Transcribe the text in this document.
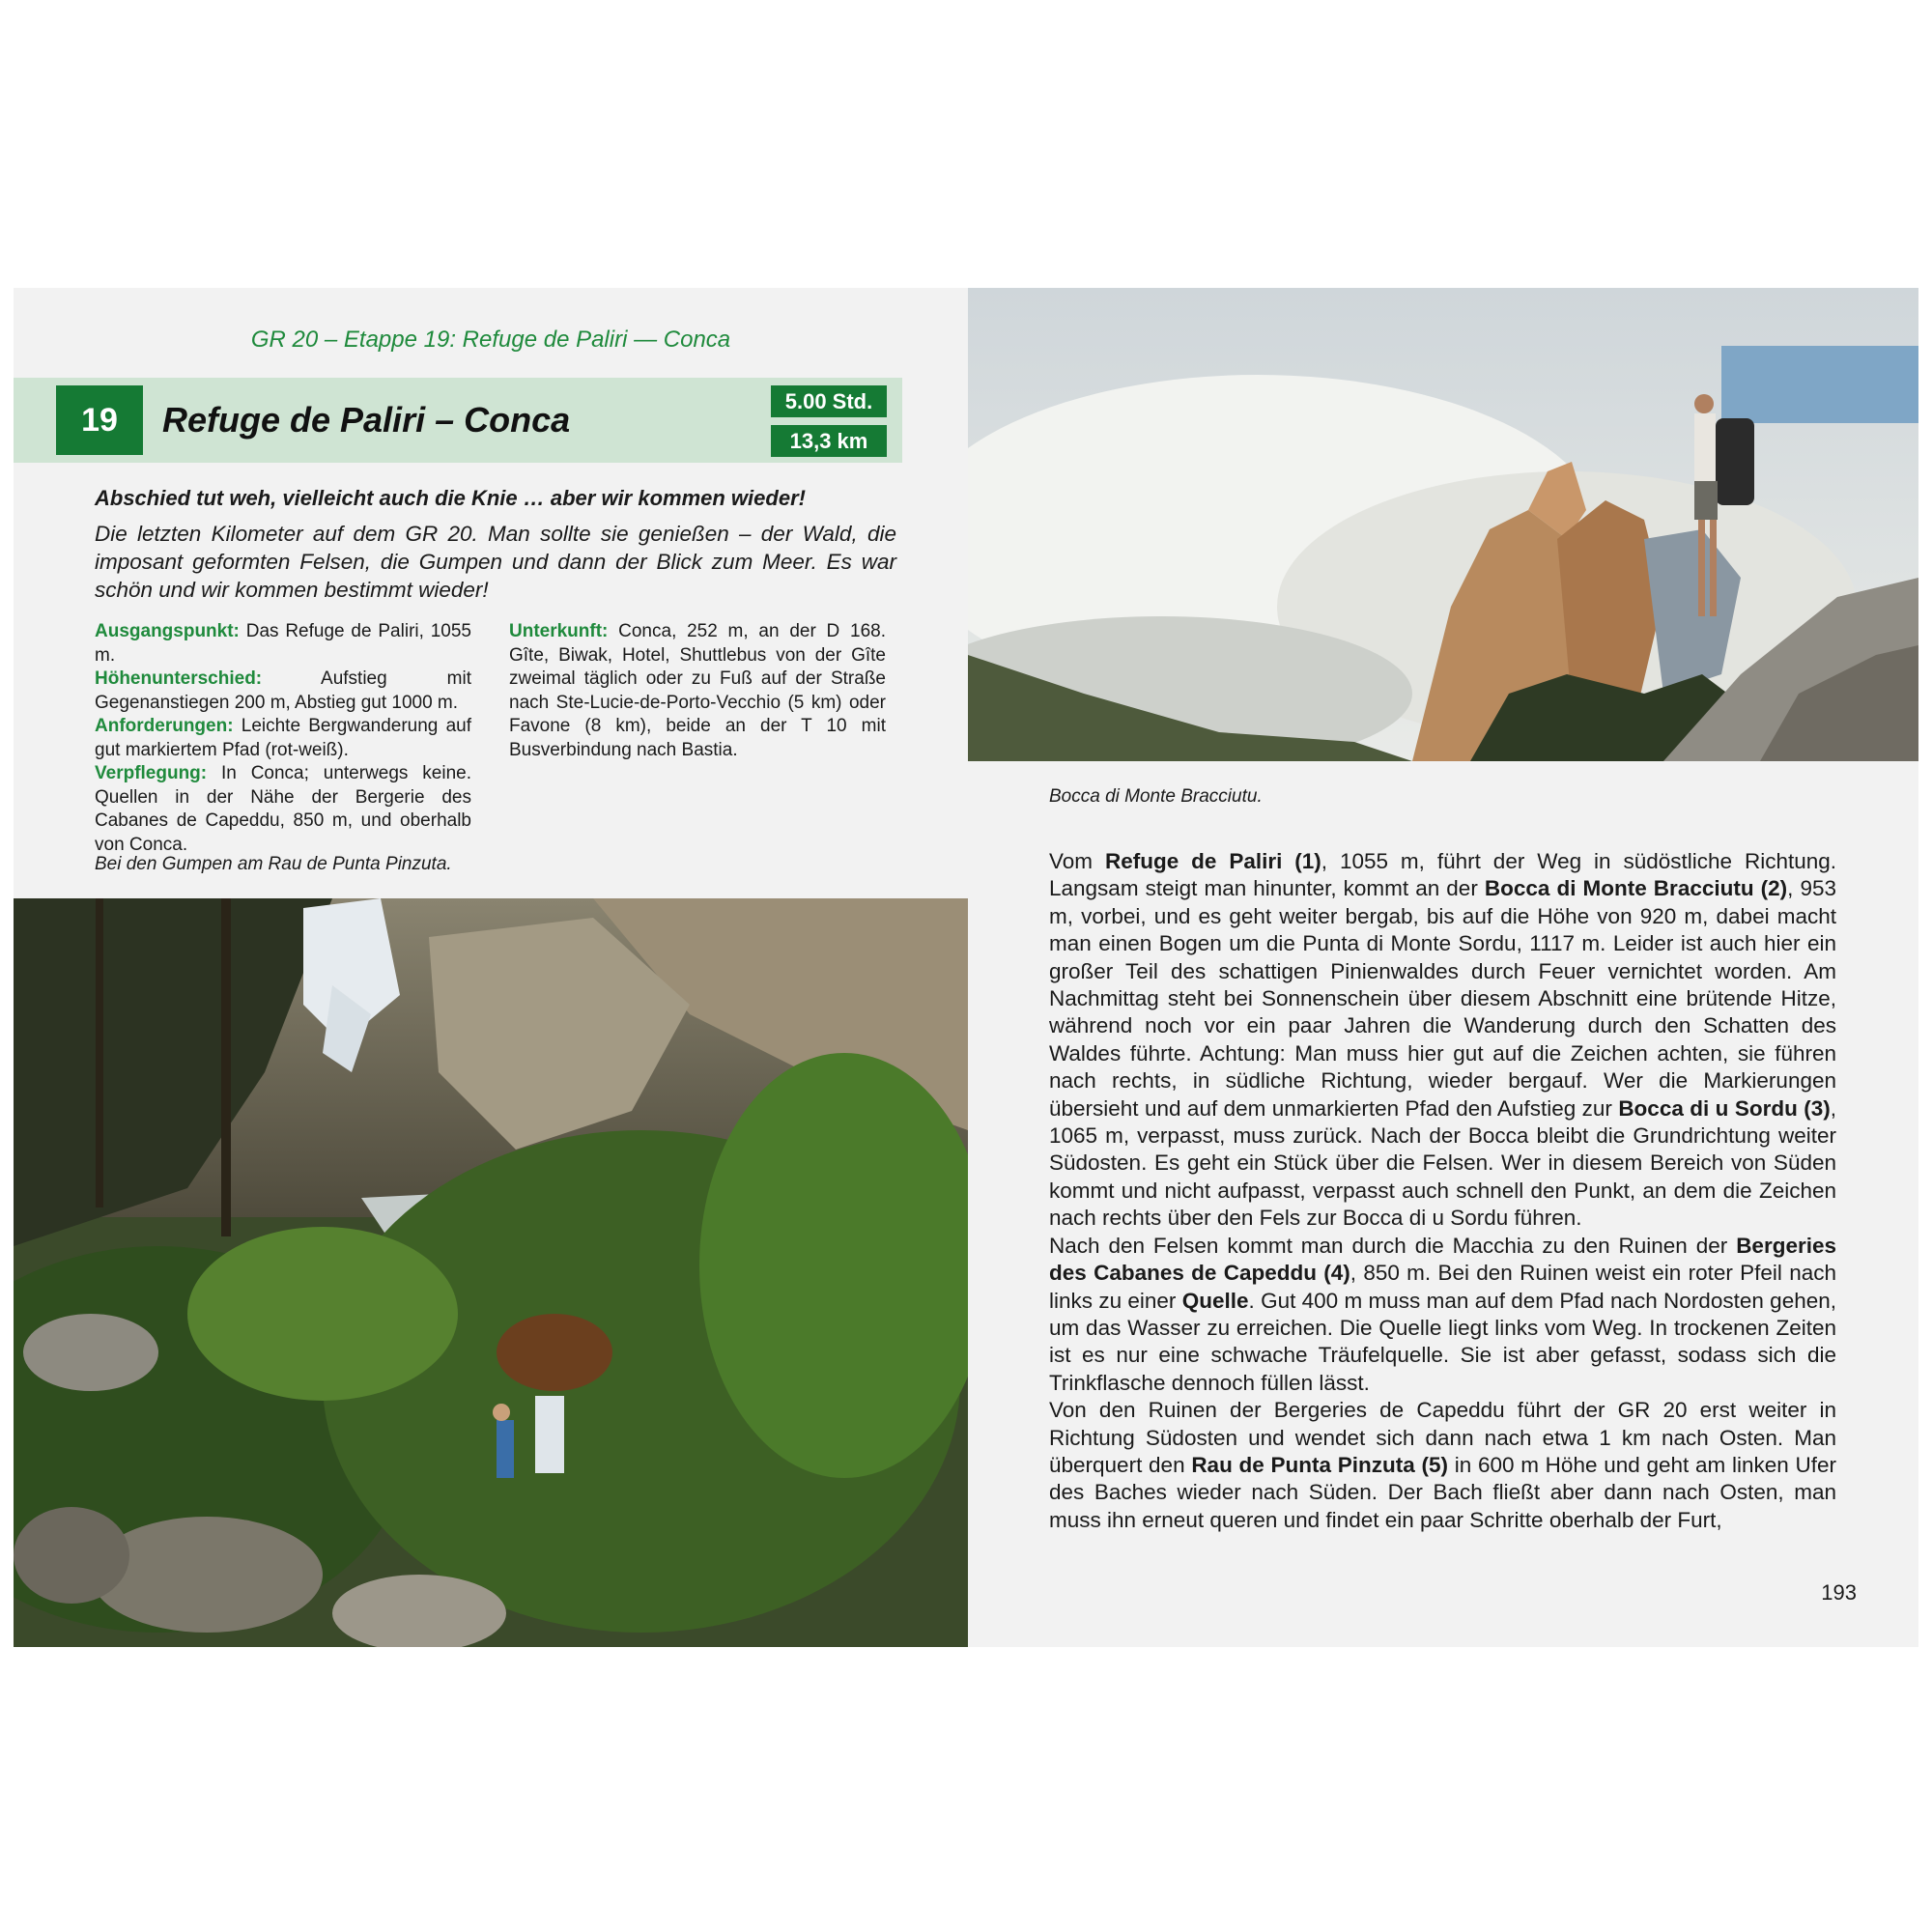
GR 20 – Etappe 19: Refuge de Paliri — Conca
19	Refuge de Paliri – Conca	5.00 Std.
13,3 km
Abschied tut weh, vielleicht auch die Knie … aber wir kommen wieder!
Die letzten Kilometer auf dem GR 20. Man sollte sie genießen – der Wald, die imposant geformten Felsen, die Gumpen und dann der Blick zum Meer. Es war schön und wir kommen bestimmt wieder!

Ausgangspunkt: Das Refuge de Paliri, 1055 m.

Höhenunterschied: Aufstieg mit Gegenanstiegen 200 m, Abstieg gut 1000 m.

Anforderungen: Leichte Bergwanderung auf gut markiertem Pfad (rot-weiß).

Verpflegung: In Conca; unterwegs keine. Quellen in der Nähe der Bergerie des Cabanes de Capeddu, 850 m, und oberhalb von Conca.

Unterkunft: Conca, 252 m, an der D 168. Gîte, Biwak, Hotel, Shuttlebus von der Gîte zweimal täglich oder zu Fuß auf der Straße nach Ste-Lucie-de-Porto-Vecchio (5 km) oder Favone (8 km), beide an der T 10 mit Busverbindung nach Bastia.

Bei den Gumpen am Rau de Punta Pinzuta.
Bocca di Monte Bracciutu.

Vom Refuge de Paliri (1), 1055 m, führt der Weg in südöstliche Richtung. Langsam steigt man hinunter, kommt an der Bocca di Monte Bracciutu (2), 953 m, vorbei, und es geht weiter bergab, bis auf die Höhe von 920 m, dabei macht man einen Bogen um die Punta di Monte Sordu, 1117 m. Leider ist auch hier ein großer Teil des schattigen Pinienwaldes durch Feuer vernichtet worden. Am Nachmittag steht bei Sonnenschein über diesem Abschnitt eine brütende Hitze, während noch vor ein paar Jahren die Wanderung durch den Schatten des Waldes führte. Achtung: Man muss hier gut auf die Zeichen achten, sie führen nach rechts, in südliche Richtung, wieder bergauf. Wer die Markierungen übersieht und auf dem unmarkierten Pfad den Aufstieg zur Bocca di u Sordu (3), 1065 m, verpasst, muss zurück. Nach der Bocca bleibt die Grundrichtung weiter Südosten. Es geht ein Stück über die Felsen. Wer in diesem Bereich von Süden kommt und nicht aufpasst, verpasst auch schnell den Punkt, an dem die Zeichen nach rechts über den Fels zur Bocca di u Sordu führen.

Nach den Felsen kommt man durch die Macchia zu den Ruinen der Bergeries des Cabanes de Capeddu (4), 850 m. Bei den Ruinen weist ein roter Pfeil nach links zu einer Quelle. Gut 400 m muss man auf dem Pfad nach Nordosten gehen, um das Wasser zu erreichen. Die Quelle liegt links vom Weg. In trockenen Zeiten ist es nur eine schwache Träufelquelle. Sie ist aber gefasst, sodass sich die Trinkflasche dennoch füllen lässt.

Von den Ruinen der Bergeries de Capeddu führt der GR 20 erst weiter in Richtung Südosten und wendet sich dann nach etwa 1 km nach Osten. Man überquert den Rau de Punta Pinzuta (5) in 600 m Höhe und geht am linken Ufer des Baches wieder nach Süden. Der Bach fließt aber dann nach Osten, man muss ihn erneut queren und findet ein paar Schritte oberhalb der Furt,

193
